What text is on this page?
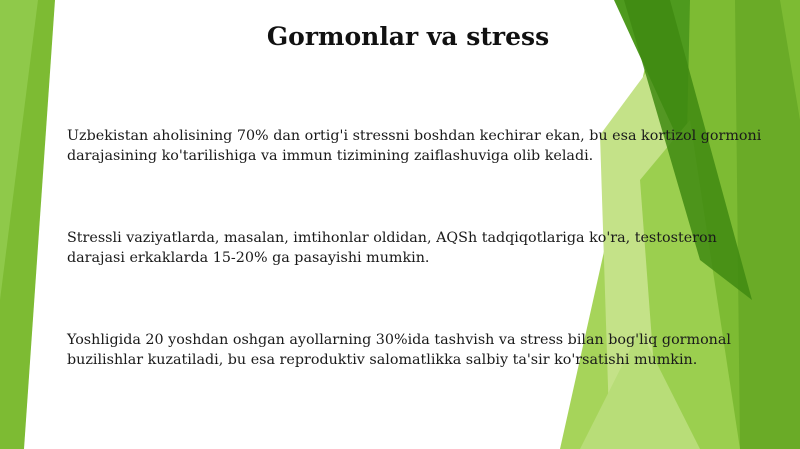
Gormonlar va stress
Uzbekistan aholisining 70% dan ortig'i stressni boshdan kechirar ekan, bu esa kortizol gormoni darajasining ko'tarilishiga va immun tizimining zaiflashuviga olib keladi.
Stressli vaziyatlarda, masalan, imtihonlar oldidan, AQSh tadqiqotlariga ko'ra, testosteron darajasi erkaklarda 15-20% ga pasayishi mumkin.
Yoshligida 20 yoshdan oshgan ayollarning 30%ida tashvish va stress bilan bog'liq gormonal buzilishlar kuzatiladi, bu esa reproduktiv salomatlikka salbiy ta'sir ko'rsatishi mumkin.
